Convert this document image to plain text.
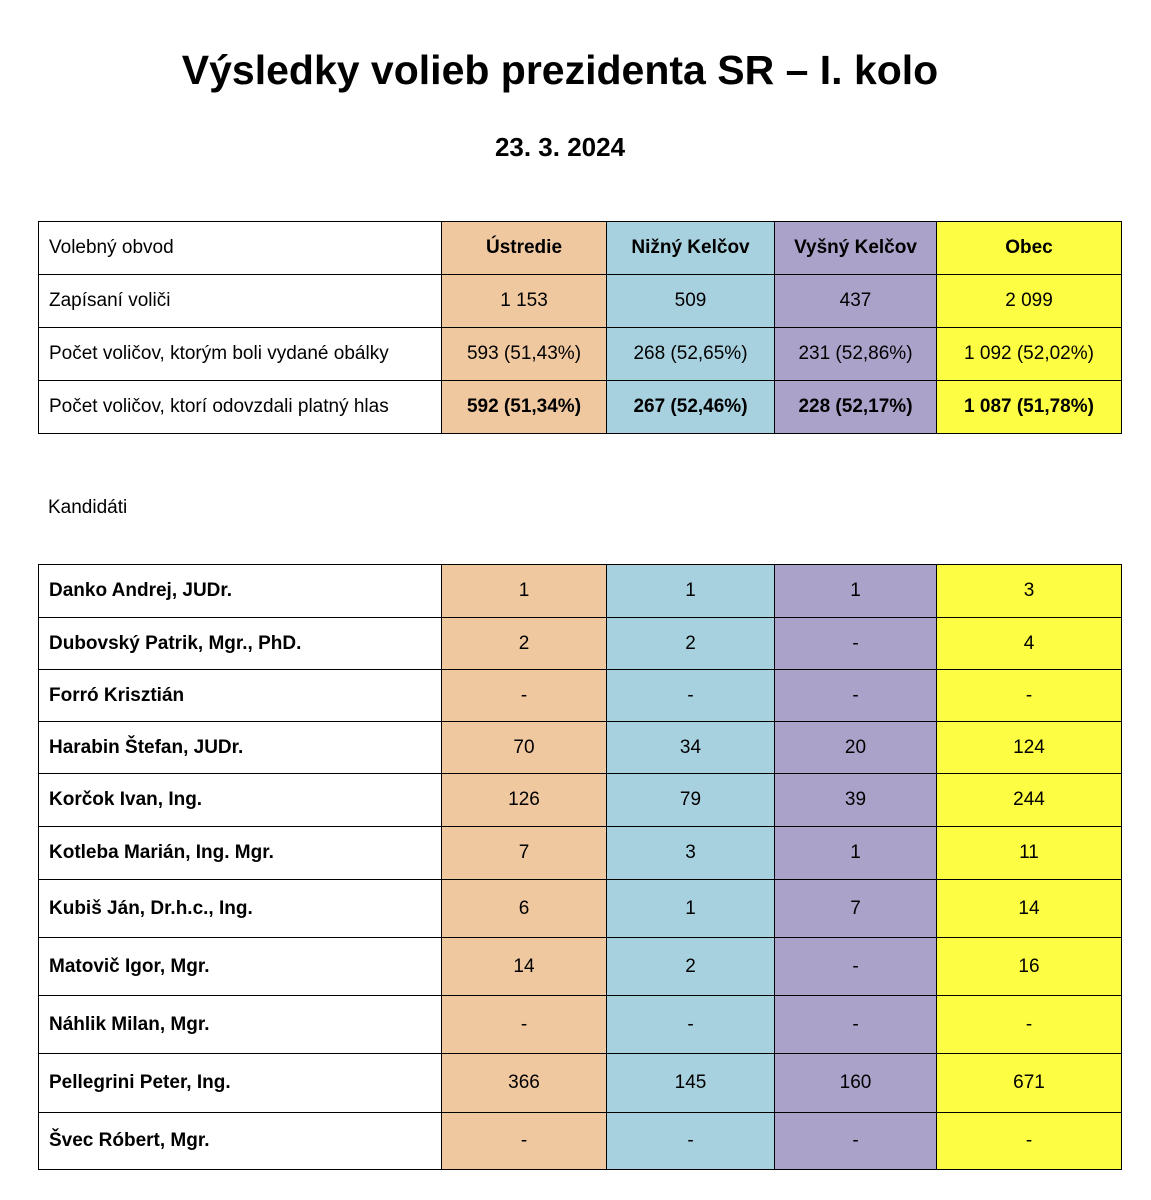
Výsledky volieb prezidenta SR – I. kolo

23. 3. 2024

Volebný obvod	Ústredie	Nižný Kelčov	Vyšný Kelčov	Obec
Zapísaní voliči	1 153	509	437	2 099
Počet voličov, ktorým boli vydané obálky	593 (51,43%)	268 (52,65%)	231 (52,86%)	1 092 (52,02%)
Počet voličov, ktorí odovzdali platný hlas	592 (51,34%)	267 (52,46%)	228 (52,17%)	1 087 (51,78%)

Kandidáti

Danko Andrej, JUDr.	1	1	1	3
Dubovský Patrik, Mgr., PhD.	2	2	-	4
Forró Krisztián	-	-	-	-
Harabin Štefan, JUDr.	70	34	20	124
Korčok Ivan, Ing.	126	79	39	244
Kotleba Marián, Ing. Mgr.	7	3	1	11
Kubiš Ján, Dr.h.c., Ing.	6	1	7	14
Matovič Igor, Mgr.	14	2	-	16
Náhlik Milan, Mgr.	-	-	-	-
Pellegrini Peter, Ing.	366	145	160	671
Švec Róbert, Mgr.	-	-	-	-
